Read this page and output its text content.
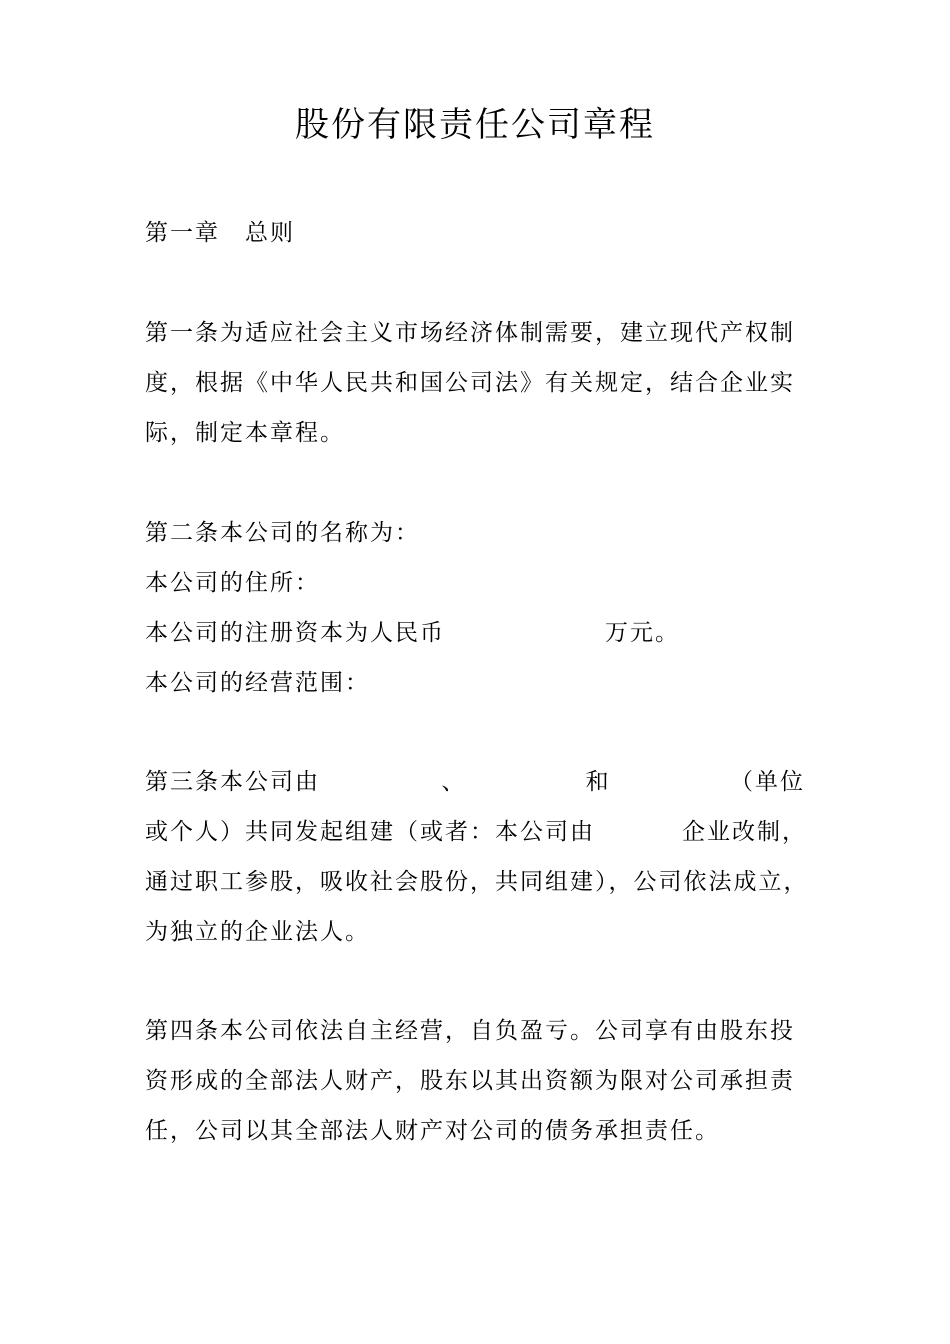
股份有限责任公司章程
第一章　总则
第一条为适应社会主义市场经济体制需要，建立现代产权制
度，根据《中华人民共和国公司法》有关规定，结合企业实
际，制定本章程。
第二条本公司的名称为：
本公司的住所：
本公司的注册资本为人民币	万元。
本公司的经营范围：
第三条本公司由	、	和	（单位
或个人）共同发起组建（或者：本公司由	企业改制，
通过职工参股，吸收社会股份，共同组建），公司依法成立，
为独立的企业法人。
第四条本公司依法自主经营，自负盈亏。公司享有由股东投
资形成的全部法人财产，股东以其出资额为限对公司承担责
任，公司以其全部法人财产对公司的债务承担责任。
